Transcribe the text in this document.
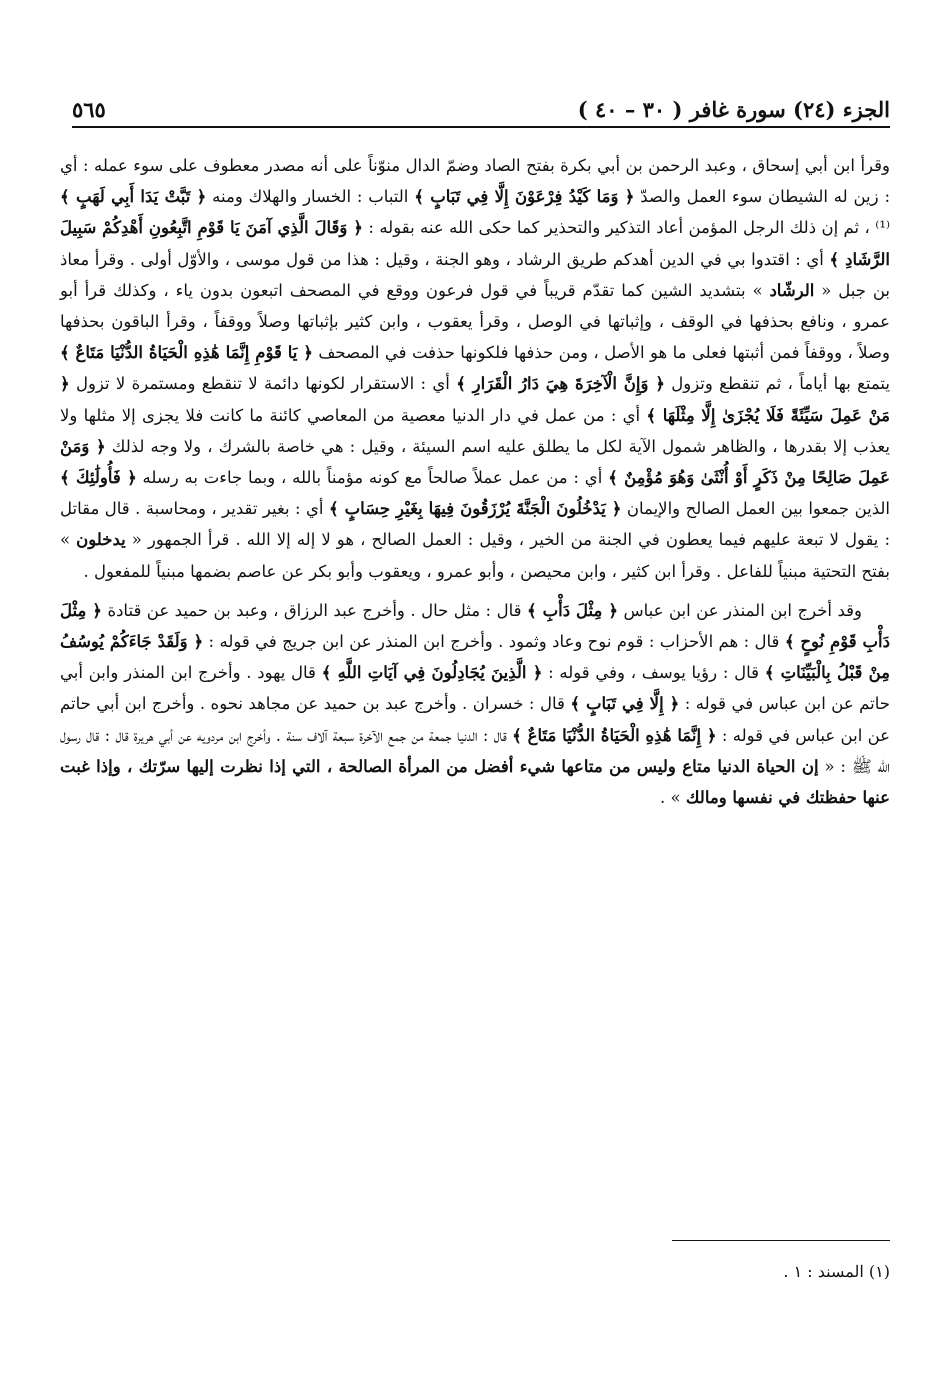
الجزء (٢٤) سورة غافر ( ٣٠ – ٤٠ )
٥٦٥

وقرأ ابن أبي إسحاق ، وعبد الرحمن بن أبي بكرة بفتح الصاد وضمّ الدال منوّناً على أنه مصدر معطوف على سوء عمله : أي : زين له الشيطان سوء العمل والصدّ ﴿ وَمَا كَيْدُ فِرْعَوْنَ إِلَّا فِي تَبَابٍ ﴾ التباب : الخسار والهلاك ومنه ﴿ تَبَّتْ يَدَا أَبِي لَهَبٍ ﴾⁽¹⁾ ، ثم إن ذلك الرجل المؤمن أعاد التذكير والتحذير كما حكى الله عنه بقوله : ﴿ وَقَالَ الَّذِي آمَنَ يَا قَوْمِ اتَّبِعُونِ أَهْدِكُمْ سَبِيلَ الرَّشَادِ ﴾ أي : اقتدوا بي في الدين أهدكم طريق الرشاد ، وهو الجنة ، وقيل : هذا من قول موسى ، والأوّل أولى . وقرأ معاذ بن جبل « الرشّاد » بتشديد الشين كما تقدّم قريباً في قول فرعون ووقع في المصحف اتبعون بدون ياء ، وكذلك قرأ أبو عمرو ، ونافع بحذفها في الوقف ، وإثباتها في الوصل ، وقرأ يعقوب ، وابن كثير بإثباتها وصلاً ووقفاً ، وقرأ الباقون بحذفها وصلاً ، ووقفاً فمن أثبتها فعلى ما هو الأصل ، ومن حذفها فلكونها حذفت في المصحف ﴿ يَا قَوْمِ إِنَّمَا هَٰذِهِ الْحَيَاةُ الدُّنْيَا مَتَاعٌ ﴾ يتمتع بها أياماً ، ثم تنقطع وتزول ﴿ وَإِنَّ الْآخِرَةَ هِيَ دَارُ الْقَرَارِ ﴾ أي : الاستقرار لكونها دائمة لا تنقطع ومستمرة لا تزول ﴿ مَنْ عَمِلَ سَيِّئَةً فَلَا يُجْزَىٰ إِلَّا مِثْلَهَا ﴾ أي : من عمل في دار الدنيا معصية من المعاصي كائنة ما كانت فلا يجزى إلا مثلها ولا يعذب إلا بقدرها ، والظاهر شمول الآية لكل ما يطلق عليه اسم السيئة ، وقيل : هي خاصة بالشرك ، ولا وجه لذلك ﴿ وَمَنْ عَمِلَ صَالِحًا مِنْ ذَكَرٍ أَوْ أُنْثَىٰ وَهُوَ مُؤْمِنٌ ﴾ أي : من عمل عملاً صالحاً مع كونه مؤمناً بالله ، وبما جاءت به رسله ﴿ فَأُولَٰئِكَ ﴾ الذين جمعوا بين العمل الصالح والإيمان ﴿ يَدْخُلُونَ الْجَنَّةَ يُرْزَقُونَ فِيهَا بِغَيْرِ حِسَابٍ ﴾ أي : بغير تقدير ، ومحاسبة . قال مقاتل : يقول لا تبعة عليهم فيما يعطون في الجنة من الخير ، وقيل : العمل الصالح ، هو لا إله إلا الله . قرأ الجمهور « يدخلون » بفتح التحتية مبنياً للفاعل . وقرأ ابن كثير ، وابن محيصن ، وأبو عمرو ، ويعقوب وأبو بكر عن عاصم بضمها مبنياً للمفعول .

وقد أخرج ابن المنذر عن ابن عباس ﴿ مِثْلَ دَأْبِ ﴾ قال : مثل حال . وأخرج عبد الرزاق ، وعبد بن حميد عن قتادة ﴿ مِثْلَ دَأْبِ قَوْمِ نُوحٍ ﴾ قال : هم الأحزاب : قوم نوح وعاد وثمود . وأخرج ابن المنذر عن ابن جريج في قوله : ﴿ وَلَقَدْ جَاءَكُمْ يُوسُفُ مِنْ قَبْلُ بِالْبَيِّنَاتِ ﴾ قال : رؤيا يوسف ، وفي قوله : ﴿ الَّذِينَ يُجَادِلُونَ فِي آيَاتِ اللَّهِ ﴾ قال يهود . وأخرج ابن المنذر وابن أبي حاتم عن ابن عباس في قوله : ﴿ إِلَّا فِي تَبَابٍ ﴾ قال : خسران . وأخرج عبد بن حميد عن مجاهد نحوه . وأخرج ابن أبي حاتم عن ابن عباس في قوله : ﴿ إِنَّمَا هَٰذِهِ الْحَيَاةُ الدُّنْيَا مَتَاعٌ ﴾ قال : الدنيا جمعة من جمع الآخرة سبعة آلاف سنة . وأخرج ابن مردويه عن أبي هريرة قال : قال رسول الله ﷺ : « إن الحياة الدنيا متاع وليس من متاعها شيء أفضل من المرأة الصالحة ، التي إذا نظرت إليها سرّتك ، وإذا غبت عنها حفظتك في نفسها ومالك » .

(١) المسند : ١ .
